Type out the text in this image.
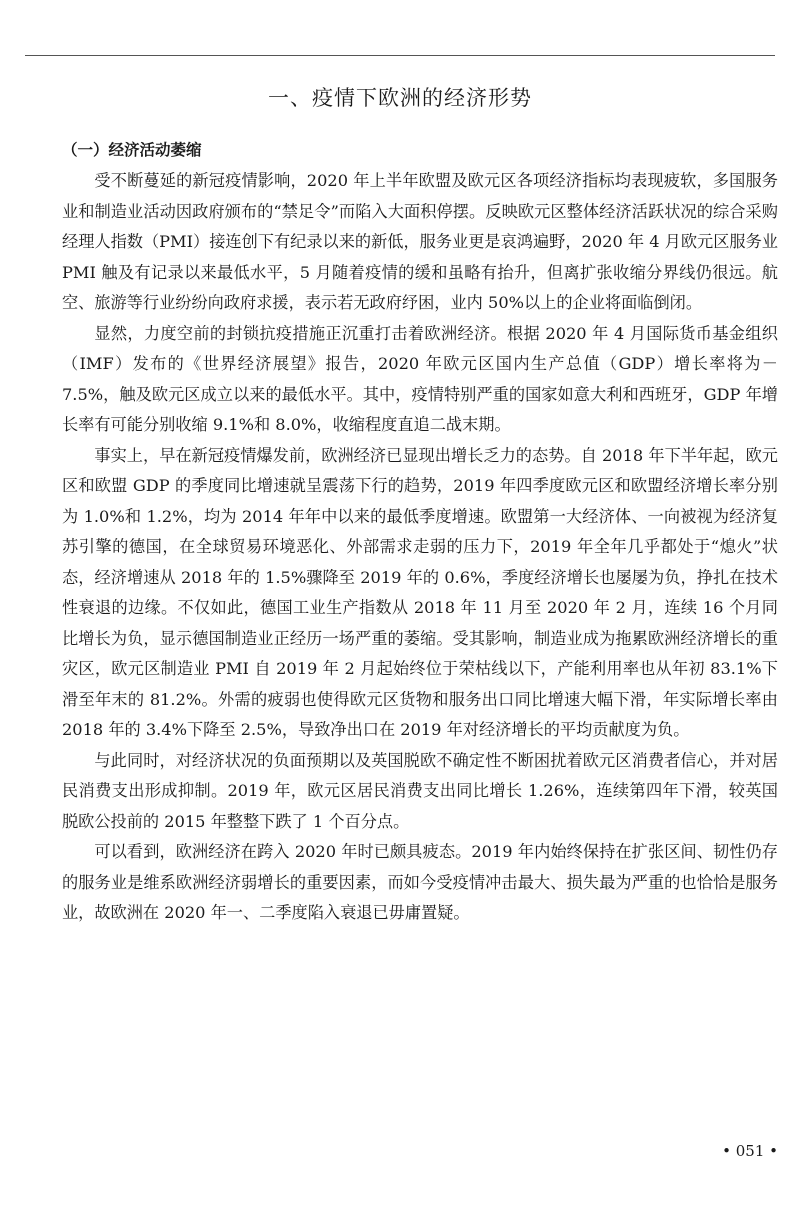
一、疫情下欧洲的经济形势
（一）经济活动萎缩

受不断蔓延的新冠疫情影响，2020 年上半年欧盟及欧元区各项经济指标均表现疲软，多国服务业和制造业活动因政府颁布的“禁足令”而陷入大面积停摆。反映欧元区整体经济活跃状况的综合采购经理人指数（PMI）接连创下有纪录以来的新低，服务业更是哀鸿遍野，2020 年 4 月欧元区服务业 PMI 触及有记录以来最低水平，5 月随着疫情的缓和虽略有抬升，但离扩张收缩分界线仍很远。航空、旅游等行业纷纷向政府求援，表示若无政府纾困，业内 50%以上的企业将面临倒闭。

显然，力度空前的封锁抗疫措施正沉重打击着欧洲经济。根据 2020 年 4 月国际货币基金组织（IMF）发布的《世界经济展望》报告，2020 年欧元区国内生产总值（GDP）增长率将为－7.5%，触及欧元区成立以来的最低水平。其中，疫情特别严重的国家如意大利和西班牙，GDP 年增长率有可能分别收缩 9.1%和 8.0%，收缩程度直追二战末期。

事实上，早在新冠疫情爆发前，欧洲经济已显现出增长乏力的态势。自 2018 年下半年起，欧元区和欧盟 GDP 的季度同比增速就呈震荡下行的趋势，2019 年四季度欧元区和欧盟经济增长率分别为 1.0%和 1.2%，均为 2014 年年中以来的最低季度增速。欧盟第一大经济体、一向被视为经济复苏引擎的德国，在全球贸易环境恶化、外部需求走弱的压力下，2019 年全年几乎都处于“熄火”状态，经济增速从 2018 年的 1.5%骤降至 2019 年的 0.6%，季度经济增长也屡屡为负，挣扎在技术性衰退的边缘。不仅如此，德国工业生产指数从 2018 年 11 月至 2020 年 2 月，连续 16 个月同比增长为负，显示德国制造业正经历一场严重的萎缩。受其影响，制造业成为拖累欧洲经济增长的重灾区，欧元区制造业 PMI 自 2019 年 2 月起始终位于荣枯线以下，产能利用率也从年初 83.1%下滑至年末的 81.2%。外需的疲弱也使得欧元区货物和服务出口同比增速大幅下滑，年实际增长率由 2018 年的 3.4%下降至 2.5%，导致净出口在 2019 年对经济增长的平均贡献度为负。

与此同时，对经济状况的负面预期以及英国脱欧不确定性不断困扰着欧元区消费者信心，并对居民消费支出形成抑制。2019 年，欧元区居民消费支出同比增长 1.26%，连续第四年下滑，较英国脱欧公投前的 2015 年整整下跌了 1 个百分点。

可以看到，欧洲经济在跨入 2020 年时已颇具疲态。2019 年内始终保持在扩张区间、韧性仍存的服务业是维系欧洲经济弱增长的重要因素，而如今受疫情冲击最大、损失最为严重的也恰恰是服务业，故欧洲在 2020 年一、二季度陷入衰退已毋庸置疑。

• 051 •
